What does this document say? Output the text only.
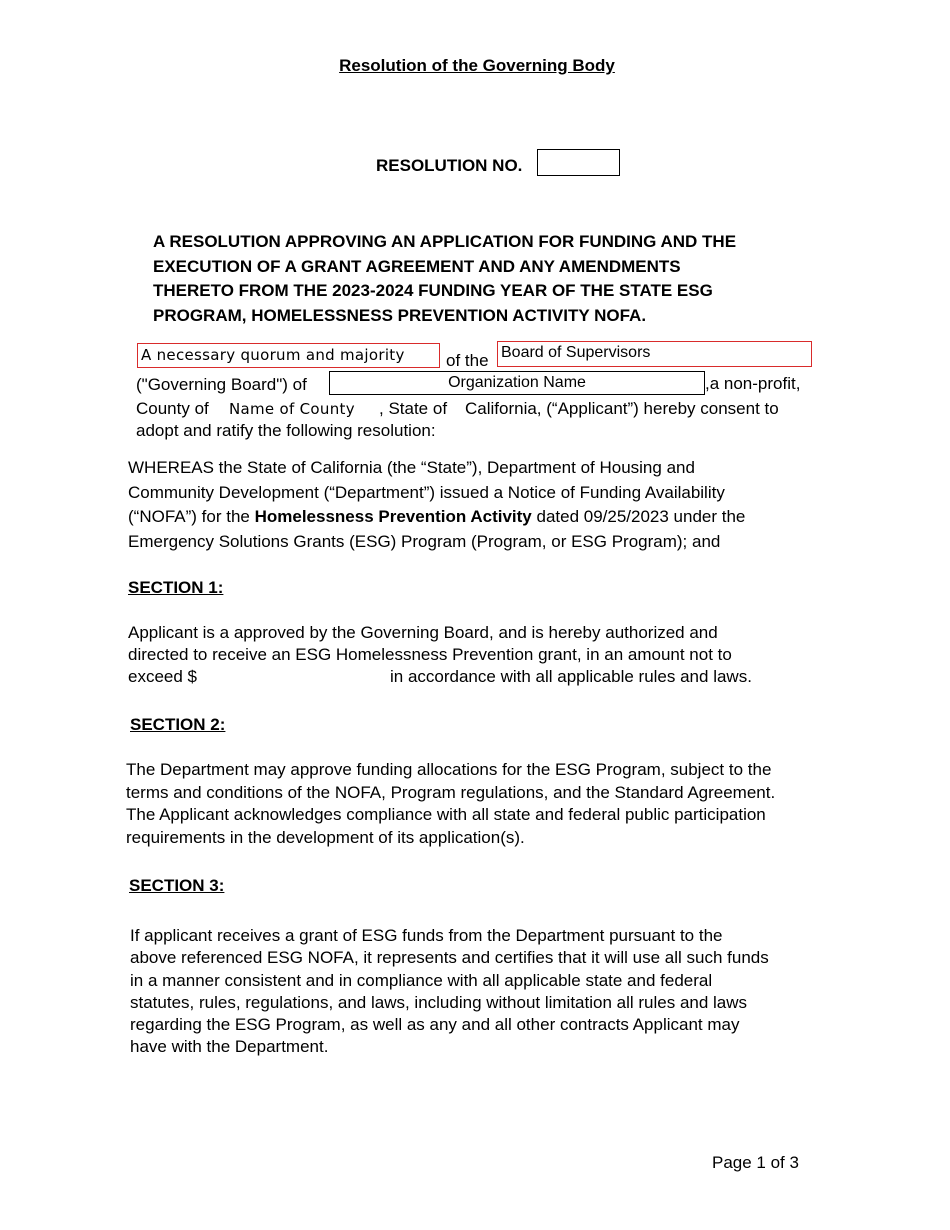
Resolution of the Governing Body
RESOLUTION NO.
A RESOLUTION APPROVING AN APPLICATION FOR FUNDING AND THE
EXECUTION OF A GRANT AGREEMENT AND ANY AMENDMENTS
THERETO FROM THE 2023-2024 FUNDING YEAR OF THE STATE ESG
PROGRAM, HOMELESSNESS PREVENTION ACTIVITY NOFA.
A necessary quorum and majority	of the Board of Supervisors
("Governing Board") of	Organization Name	,a non-profit,
County of Name of County , State of California, (“Applicant”) hereby consent to
adopt and ratify the following resolution:
WHEREAS the State of California (the “State”), Department of Housing and
Community Development (“Department”) issued a Notice of Funding Availability
(“NOFA”) for the Homelessness Prevention Activity dated 09/25/2023 under the
Emergency Solutions Grants (ESG) Program (Program, or ESG Program); and
SECTION 1:
Applicant is a approved by the Governing Board, and is hereby authorized and
directed to receive an ESG Homelessness Prevention grant, in an amount not to
exceed $	in accordance with all applicable rules and laws.
SECTION 2:
The Department may approve funding allocations for the ESG Program, subject to the
terms and conditions of the NOFA, Program regulations, and the Standard Agreement.
The Applicant acknowledges compliance with all state and federal public participation
requirements in the development of its application(s).
SECTION 3:
If applicant receives a grant of ESG funds from the Department pursuant to the
above referenced ESG NOFA, it represents and certifies that it will use all such funds
in a manner consistent and in compliance with all applicable state and federal
statutes, rules, regulations, and laws, including without limitation all rules and laws
regarding the ESG Program, as well as any and all other contracts Applicant may
have with the Department.
Page 1 of 3
